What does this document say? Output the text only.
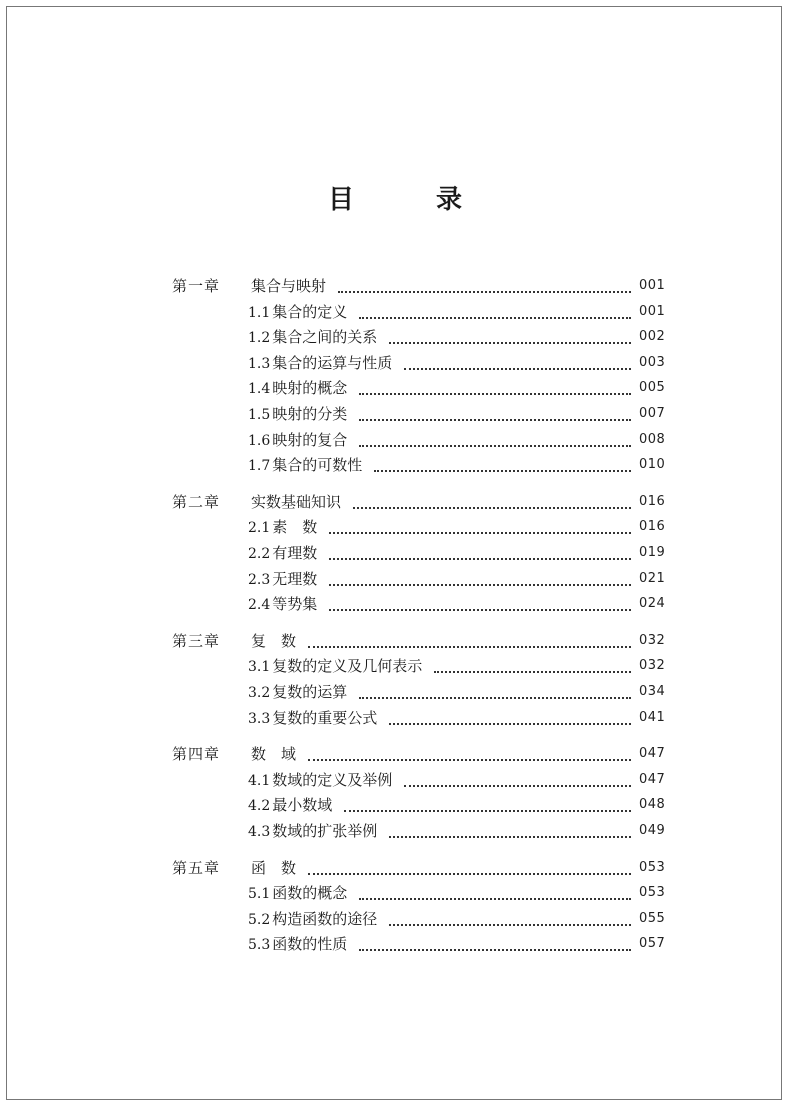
目　录
第一章 集合与映射	001
1.1 集合的定义	001
1.2 集合之间的关系	002
1.3 集合的运算与性质	003
1.4 映射的概念	005
1.5 映射的分类	007
1.6 映射的复合	008
1.7 集合的可数性	010
第二章 实数基础知识	016
2.1 素　数	016
2.2 有理数	019
2.3 无理数	021
2.4 等势集	024
第三章 复　数	032
3.1 复数的定义及几何表示	032
3.2 复数的运算	034
3.3 复数的重要公式	041
第四章 数　域	047
4.1 数域的定义及举例	047
4.2 最小数域	048
4.3 数域的扩张举例	049
第五章 函　数	053
5.1 函数的概念	053
5.2 构造函数的途径	055
5.3 函数的性质	057
